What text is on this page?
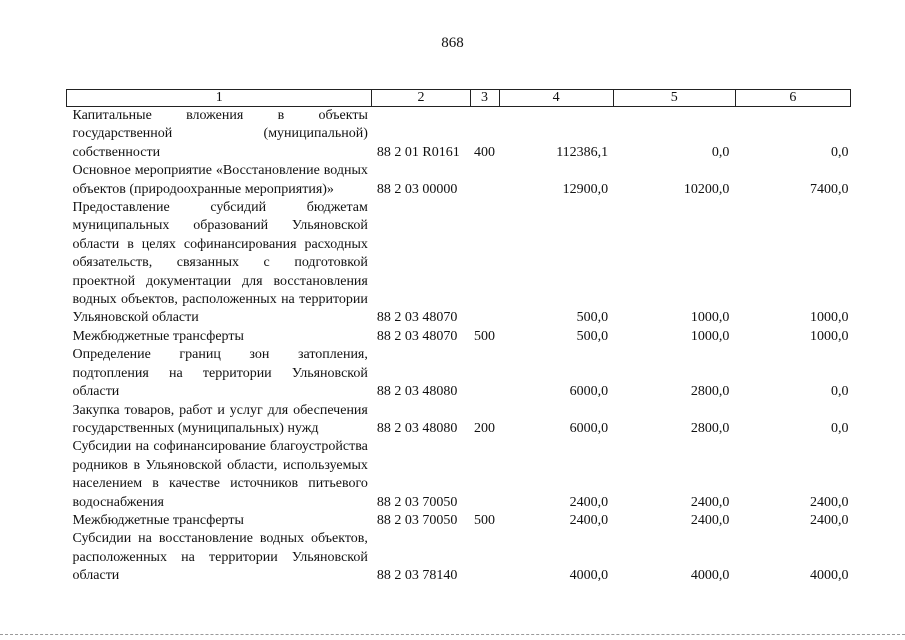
868
1	2	3	4	5	6
Капитальные вложения в объекты государственной (муниципальной) собственности	88 2 01 R0161	400	112386,1	0,0	0,0
Основное мероприятие «Восстановление водных объектов (природоохранные мероприятия)»	88 2 03 00000		12900,0	10200,0	7400,0
Предоставление субсидий бюджетам муниципальных образований Ульяновской области в целях софинансирования расходных обязательств, связанных с подготовкой проектной документации для восстановления водных объектов, расположенных на территории Ульяновской области	88 2 03 48070		500,0	1000,0	1000,0
Межбюджетные трансферты	88 2 03 48070	500	500,0	1000,0	1000,0
Определение границ зон затопления, подтопления на территории Ульяновской области	88 2 03 48080		6000,0	2800,0	0,0
Закупка товаров, работ и услуг для обеспечения государственных (муниципальных) нужд	88 2 03 48080	200	6000,0	2800,0	0,0
Субсидии на софинансирование благоустройства родников в Ульяновской области, используемых населением в качестве источников питьевого водоснабжения	88 2 03 70050		2400,0	2400,0	2400,0
Межбюджетные трансферты	88 2 03 70050	500	2400,0	2400,0	2400,0
Субсидии на восстановление водных объектов, расположенных на территории Ульяновской области	88 2 03 78140		4000,0	4000,0	4000,0
